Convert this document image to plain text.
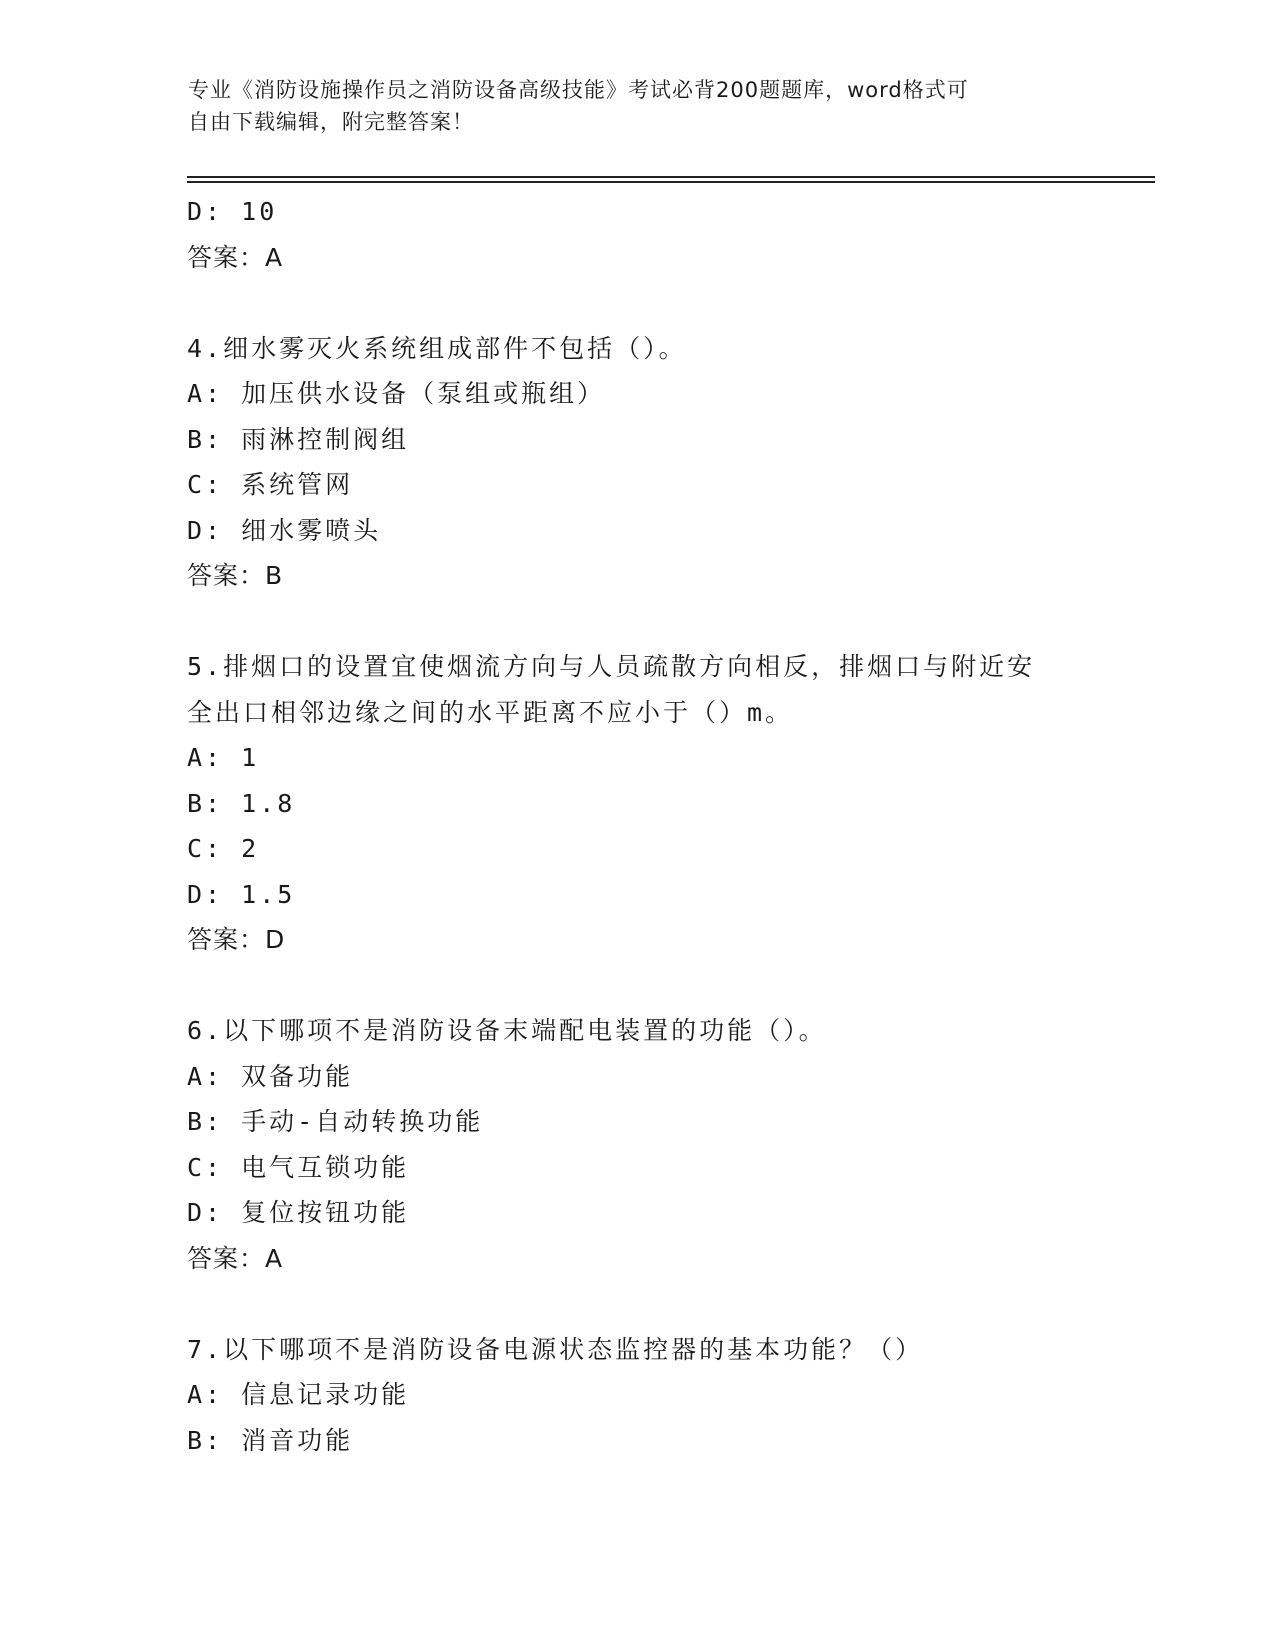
专业《消防设施操作员之消防设备高级技能》考试必背200题题库，word格式可
自由下载编辑，附完整答案！
D: 10
答案：A
4.细水雾灭火系统组成部件不包括（）。
A: 加压供水设备（泵组或瓶组）
B: 雨淋控制阀组
C: 系统管网
D: 细水雾喷头
答案：B
5.排烟口的设置宜使烟流方向与人员疏散方向相反，排烟口与附近安
全出口相邻边缘之间的水平距离不应小于（）m。
A: 1
B: 1.8
C: 2
D: 1.5
答案：D
6.以下哪项不是消防设备末端配电装置的功能（）。
A: 双备功能
B: 手动-自动转换功能
C: 电气互锁功能
D: 复位按钮功能
答案：A
7.以下哪项不是消防设备电源状态监控器的基本功能？（）
A: 信息记录功能
B: 消音功能
